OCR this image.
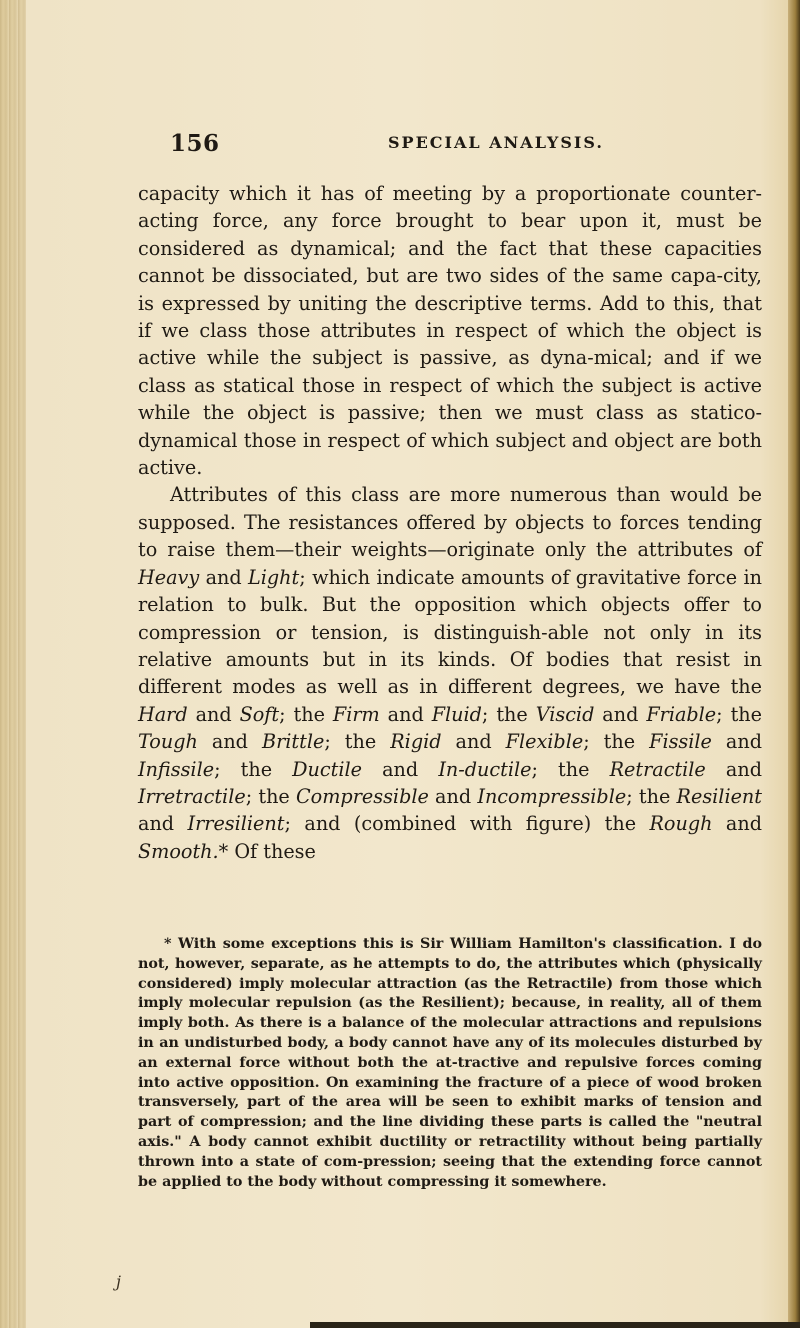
156	SPECIAL ANALYSIS.

capacity which it has of meeting by a proportionate counter-acting force, any force brought to bear upon it, must be considered as dynamical; and the fact that these capacities cannot be dissociated, but are two sides of the same capa-city, is expressed by uniting the descriptive terms. Add to this, that if we class those attributes in respect of which the object is active while the subject is passive, as dyna-mical; and if we class as statical those in respect of which the subject is active while the object is passive; then we must class as statico-dynamical those in respect of which subject and object are both active.

Attributes of this class are more numerous than would be supposed. The resistances offered by objects to forces tending to raise them—their weights—originate only the attributes of Heavy and Light; which indicate amounts of gravitative force in relation to bulk. But the opposition which objects offer to compression or tension, is distinguish-able not only in its relative amounts but in its kinds. Of bodies that resist in different modes as well as in different degrees, we have the Hard and Soft; the Firm and Fluid; the Viscid and Friable; the Tough and Brittle; the Rigid and Flexible; the Fissile and Infissile; the Ductile and In-ductile; the Retractile and Irretractile; the Compressible and Incompressible; the Resilient and Irresilient; and (combined with figure) the Rough and Smooth.* Of these

* With some exceptions this is Sir William Hamilton's classification. I do not, however, separate, as he attempts to do, the attributes which (physically considered) imply molecular attraction (as the Retractile) from those which imply molecular repulsion (as the Resilient); because, in reality, all of them imply both. As there is a balance of the molecular attractions and repulsions in an undisturbed body, a body cannot have any of its molecules disturbed by an external force without both the at-tractive and repulsive forces coming into active opposition. On examining the fracture of a piece of wood broken transversely, part of the area will be seen to exhibit marks of tension and part of compression; and the line dividing these parts is called the "neutral axis." A body cannot exhibit ductility or retractility without being partially thrown into a state of com-pression; seeing that the extending force cannot be applied to the body without compressing it somewhere.

j
